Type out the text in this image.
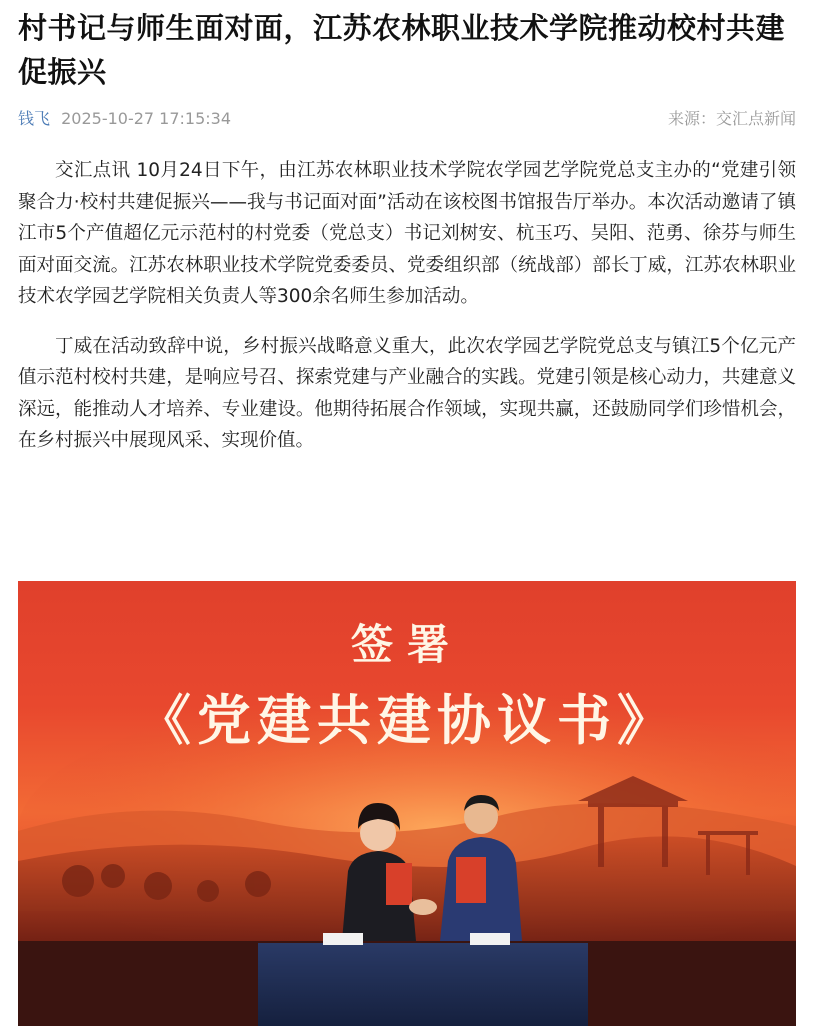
村书记与师生面对面，江苏农林职业技术学院推动校村共建促振兴
钱飞 2025-10-27 17:15:34	来源：交汇点新闻

交汇点讯 10月24日下午，由江苏农林职业技术学院农学园艺学院党总支主办的“党建引领聚合力·校村共建促振兴——我与书记面对面”活动在该校图书馆报告厅举办。本次活动邀请了镇江市5个产值超亿元示范村的村党委（党总支）书记刘树安、杭玉巧、吴阳、范勇、徐芬与师生面对面交流。江苏农林职业技术学院党委委员、党委组织部（统战部）部长丁威，江苏农林职业技术农学园艺学院相关负责人等300余名师生参加活动。

丁威在活动致辞中说，乡村振兴战略意义重大，此次农学园艺学院党总支与镇江5个亿元产值示范村校村共建，是响应号召、探索党建与产业融合的实践。党建引领是核心动力，共建意义深远，能推动人才培养、专业建设。他期待拓展合作领域，实现共赢，还鼓励同学们珍惜机会，在乡村振兴中展现风采、实现价值。

签署
《党建共建协议书》
